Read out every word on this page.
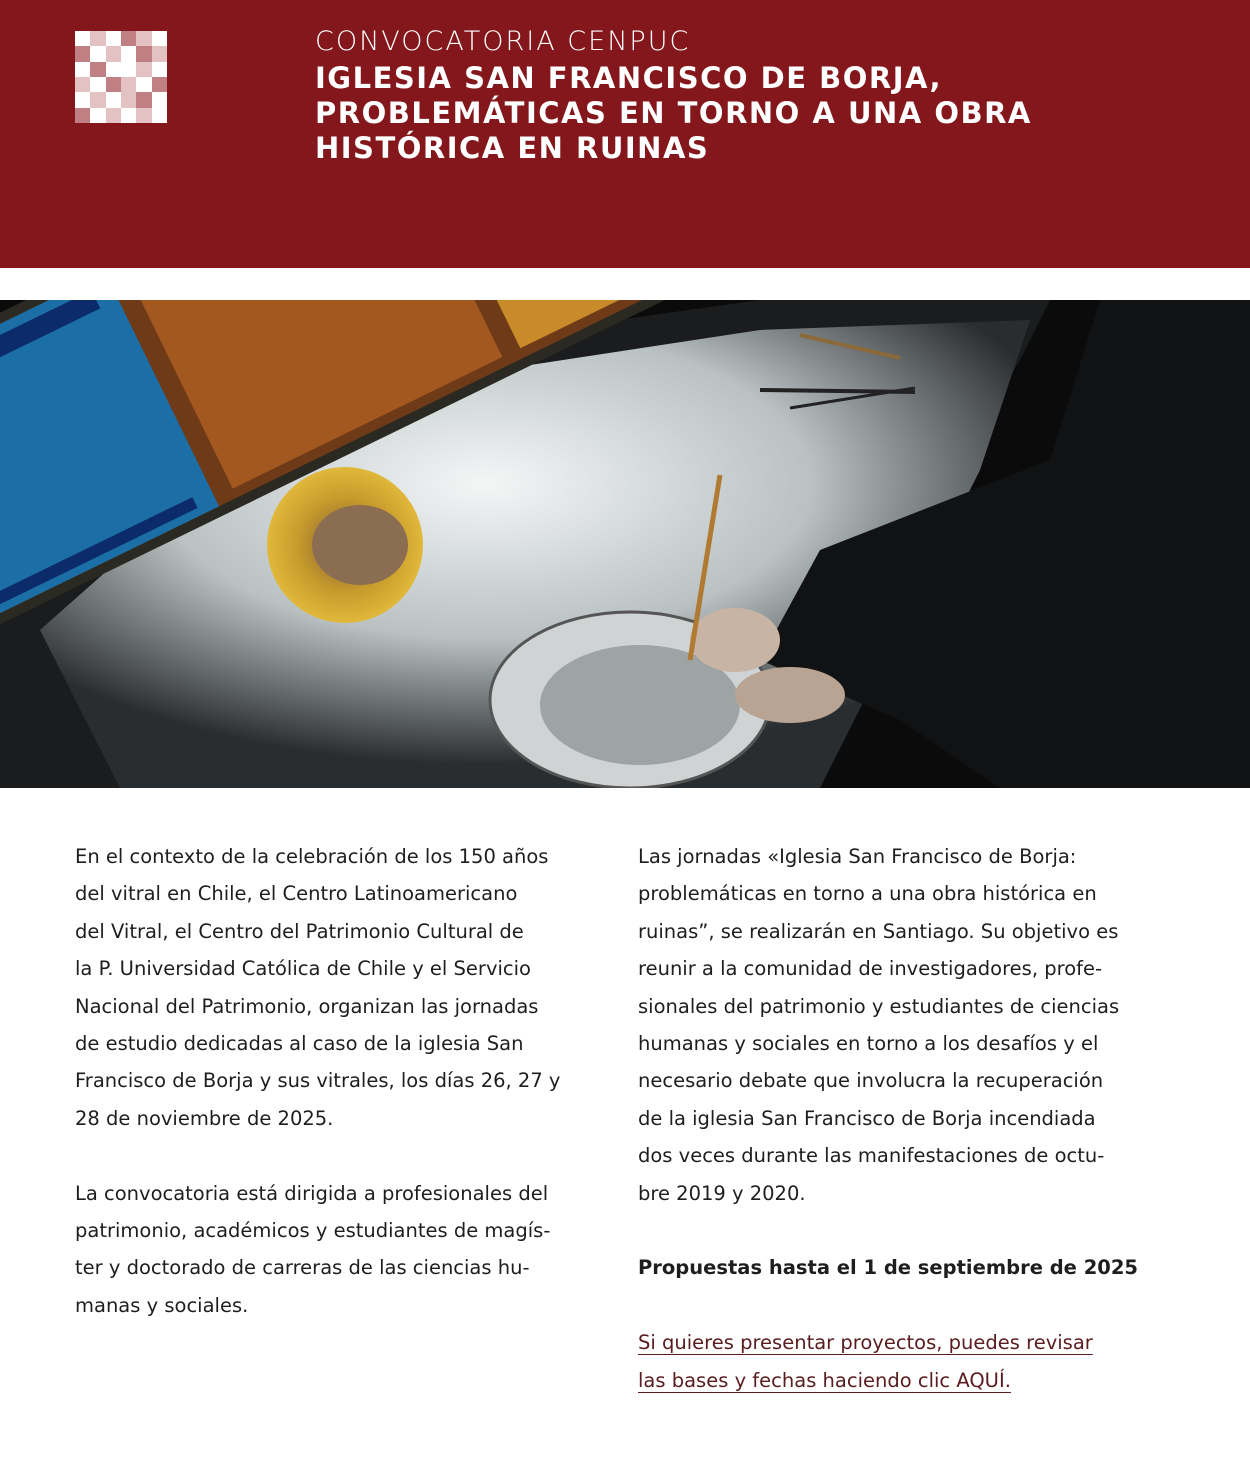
CONVOCATORIA CENPUC
IGLESIA SAN FRANCISCO DE BORJA,
PROBLEMÁTICAS EN TORNO A UNA OBRA
HISTÓRICA EN RUINAS

En el contexto de la celebración de los 150 años
del vitral en Chile, el Centro Latinoamericano
del Vitral, el Centro del Patrimonio Cultural de
la P. Universidad Católica de Chile y el Servicio
Nacional del Patrimonio, organizan las jornadas
de estudio dedicadas al caso de la iglesia San
Francisco de Borja y sus vitrales, los días 26, 27 y
28 de noviembre de 2025.

La convocatoria está dirigida a profesionales del
patrimonio, académicos y estudiantes de magís-
ter y doctorado de carreras de las ciencias hu-
manas y sociales.

Las jornadas «Iglesia San Francisco de Borja:
problemáticas en torno a una obra histórica en
ruinas”, se realizarán en Santiago. Su objetivo es
reunir a la comunidad de investigadores, profe-
sionales del patrimonio y estudiantes de ciencias
humanas y sociales en torno a los desafíos y el
necesario debate que involucra la recuperación
de la iglesia San Francisco de Borja incendiada
dos veces durante las manifestaciones de octu-
bre 2019 y 2020.

Propuestas hasta el 1 de septiembre de 2025

Si quieres presentar proyectos, puedes revisar
las bases y fechas haciendo clic AQUÍ.
